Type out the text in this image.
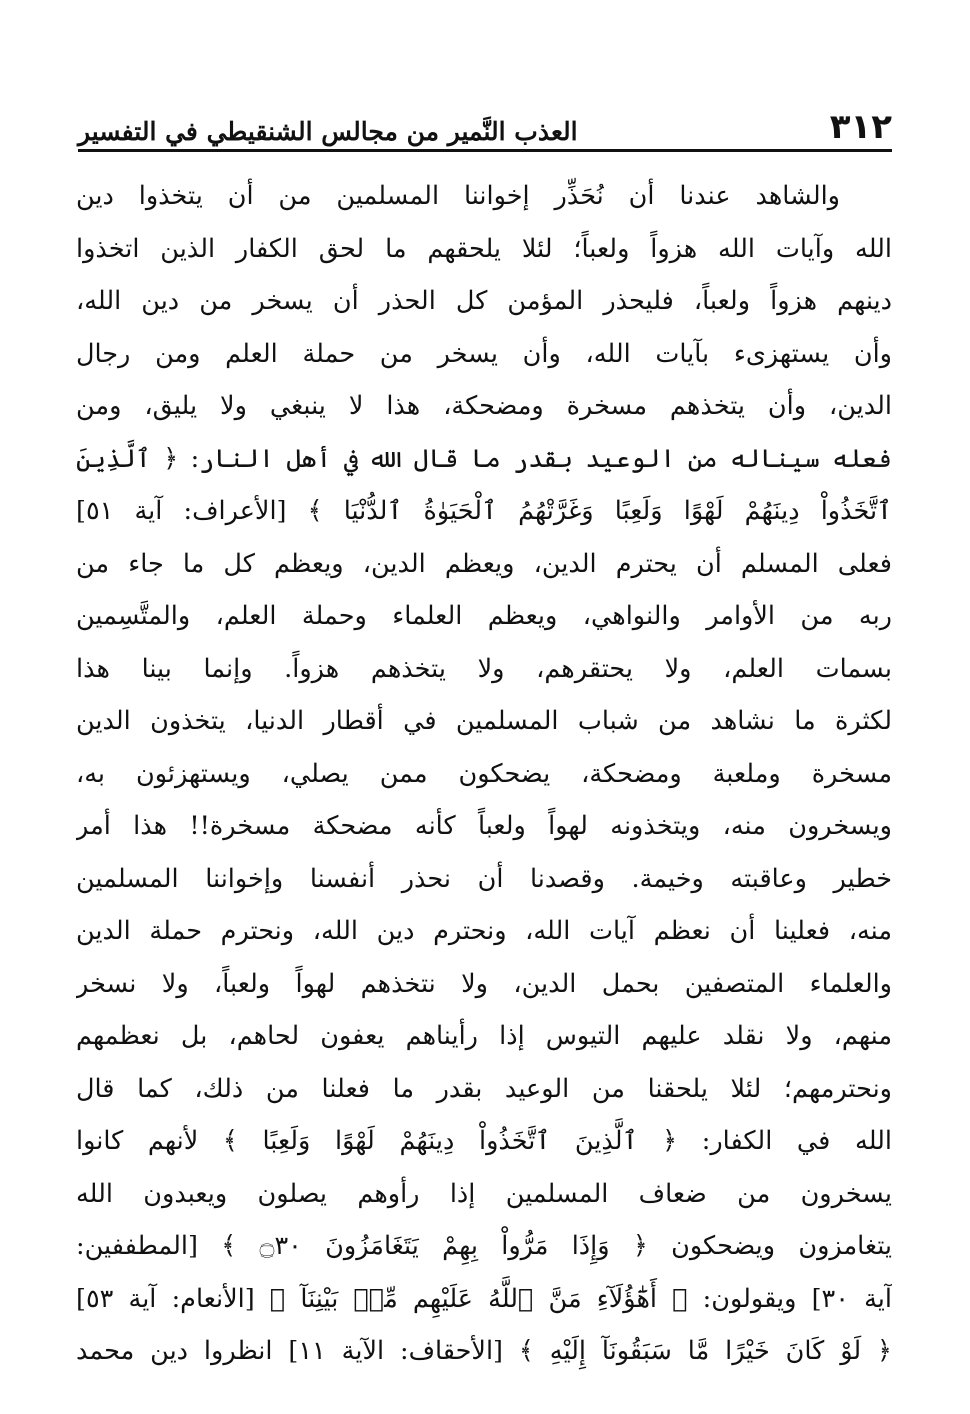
٣١٢
العذب النَّمير من مجالس الشنقيطي في التفسير
والشاهد عندنا أن نُحَذِّر إخواننا المسلمين من أن يتخذوا دين
الله وآيات الله هزواً ولعباً؛ لئلا يلحقهم ما لحق الكفار الذين اتخذوا
دينهم هزواً ولعباً، فليحذر المؤمن كل الحذر أن يسخر من دين الله،
وأن يستهزىء بآيات الله، وأن يسخر من حملة العلم ومن رجال
الدين، وأن يتخذهم مسخرة ومضحكة، هذا لا ينبغي ولا يليق، ومن
فعله سيناله من الوعيد بقدر ما قال الله في أهل النار: ﴿ ٱلَّذِينَ
ٱتَّخَذُواْ دِينَهُمْ لَهْوًا وَلَعِبًا وَغَرَّتْهُمُ ٱلْحَيَوٰةُ ٱلدُّنْيَا ﴾ [الأعراف: آية ٥١]
فعلى المسلم أن يحترم الدين، ويعظم الدين، ويعظم كل ما جاء من
ربه من الأوامر والنواهي، ويعظم العلماء وحملة العلم، والمتَّسِمين
بسمات العلم، ولا يحتقرهم، ولا يتخذهم هزواً. وإنما بينا هذا
لكثرة ما نشاهد من شباب المسلمين في أقطار الدنيا، يتخذون الدين
مسخرة وملعبة ومضحكة، يضحكون ممن يصلي، ويستهزئون به،
ويسخرون منه، ويتخذونه لهواً ولعباً كأنه مضحكة مسخرة!! هذا أمر
خطير وعاقبته وخيمة. وقصدنا أن نحذر أنفسنا وإخواننا المسلمين
منه، فعلينا أن نعظم آيات الله، ونحترم دين الله، ونحترم حملة الدين
والعلماء المتصفين بحمل الدين، ولا نتخذهم لهواً ولعباً، ولا نسخر
منهم، ولا نقلد عليهم التيوس إذا رأيناهم يعفون لحاهم، بل نعظمهم
ونحترمهم؛ لئلا يلحقنا من الوعيد بقدر ما فعلنا من ذلك، كما قال
الله في الكفار: ﴿ ٱلَّذِينَ ٱتَّخَذُواْ دِينَهُمْ لَهْوًا وَلَعِبًا ﴾ لأنهم كانوا
يسخرون من ضعاف المسلمين إذا رأوهم يصلون ويعبدون الله
يتغامزون ويضحكون ﴿ وَإِذَا مَرُّواْ بِهِمْ يَتَغَامَزُونَ ۝٣٠ ﴾ [المطففين:
آية ٣٠] ويقولون: ﴿ أَهَٰٓؤُلَآءِ مَنَّ ٱللَّهُ عَلَيْهِم مِّنۢ بَيْنِنَآ ﴾ [الأنعام: آية ٥٣]
﴿ لَوْ كَانَ خَيْرًا مَّا سَبَقُونَآ إِلَيْهِ ﴾ [الأحقاف: الآية ١١] انظروا دين محمد
